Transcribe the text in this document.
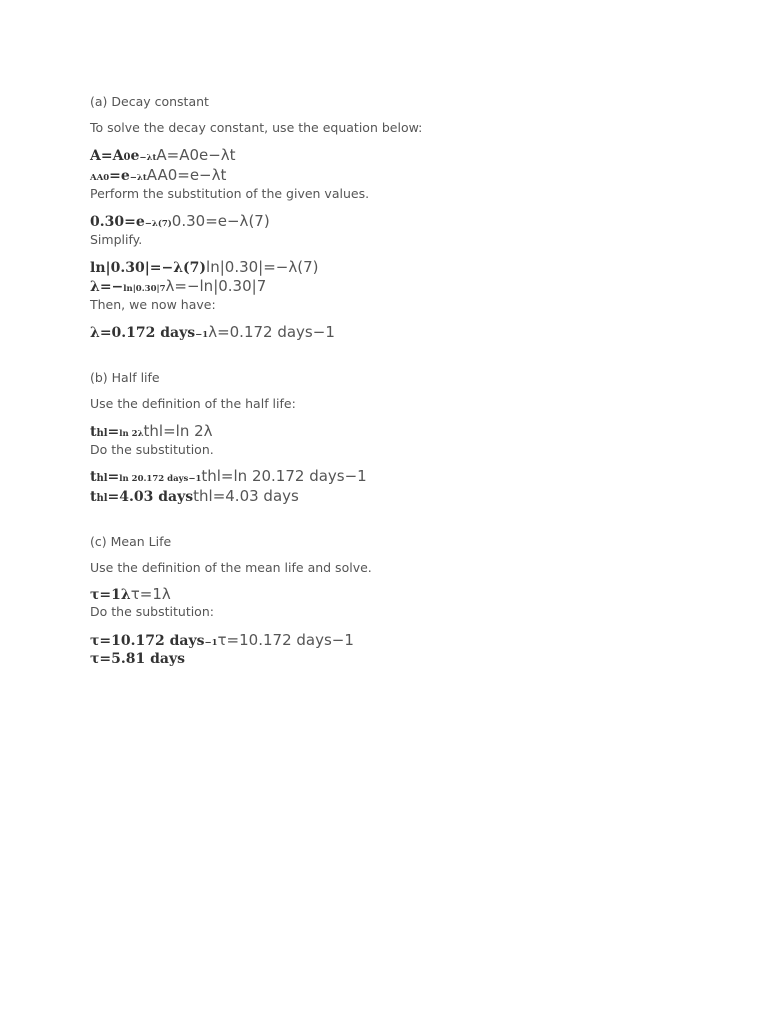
(a) Decay constant
To solve the decay constant, use the equation below:
A=A0e−λtA=A0e−λt
AA0=e−λtAA0=e−λt
Perform the substitution of the given values.
0.30=e−λ(7)0.30=e−λ(7)
Simplify.
ln|0.30|=−λ(7)ln|0.30|=−λ(7)
λ=−ln|0.30|7λ=−ln|0.30|7
Then, we now have:
λ=0.172 days−1λ=0.172 days−1
(b) Half life
Use the definition of the half life:
thl=ln 2λthl=ln 2λ
Do the substitution.
thl=ln 20.172 days−1thl=ln 20.172 days−1
thl=4.03 daysthl=4.03 days
(c) Mean Life
Use the definition of the mean life and solve.
τ=1λτ=1λ
Do the substitution:
τ=10.172 days−1τ=10.172 days−1
τ=5.81 days
